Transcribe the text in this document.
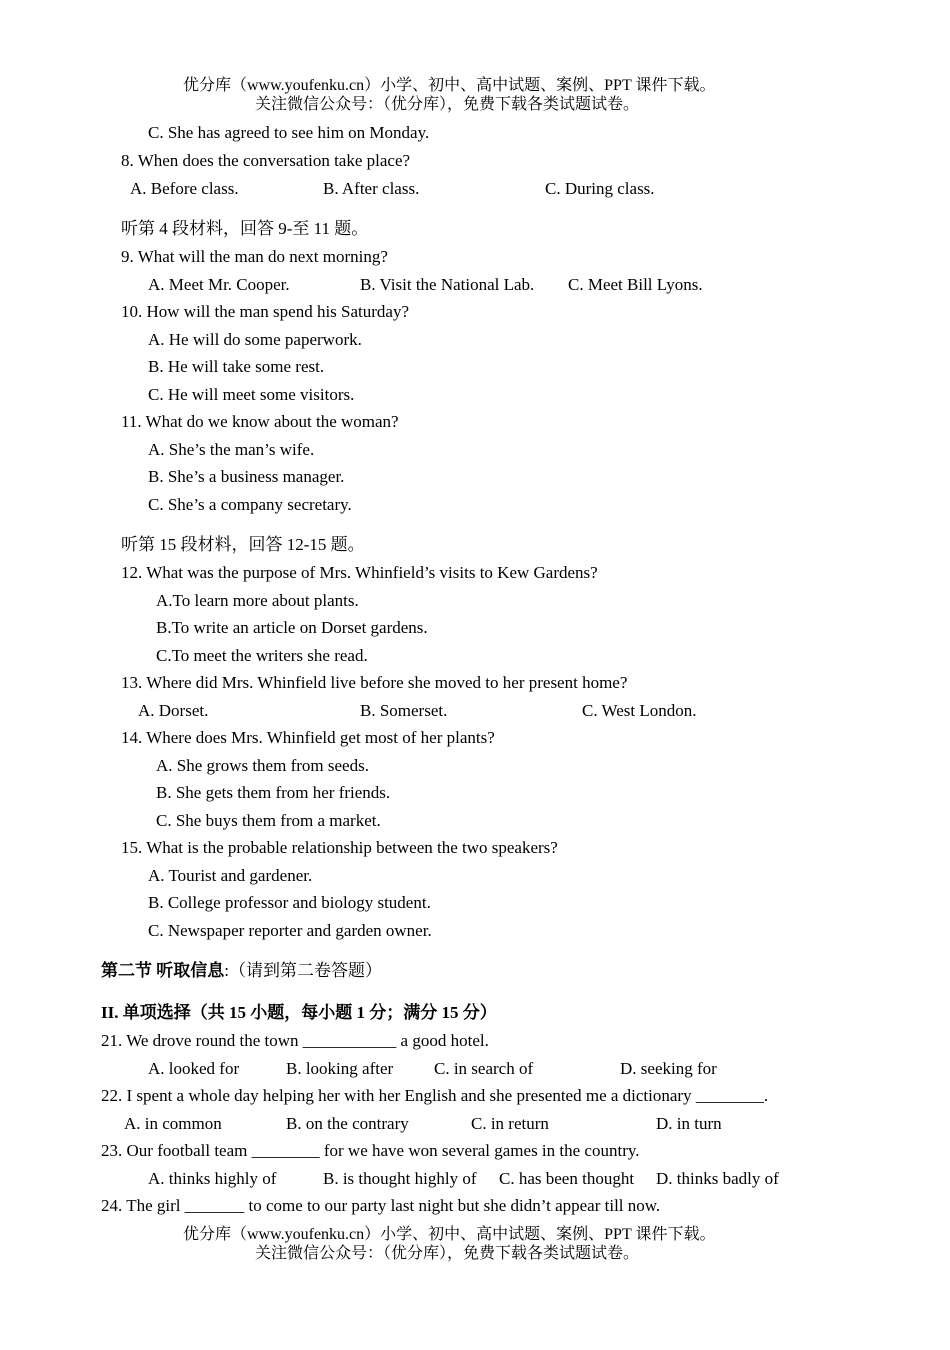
优分库（www.youfenku.cn）小学、初中、高中试题、案例、PPT 课件下载。
关注微信公众号：（优分库），免费下载各类试题试卷。
C. She has agreed to see him on Monday.
8. When does the conversation take place?
A. Before class.	B. After class.	C. During class.
听第 4 段材料，回答 9-至 11 题。
9. What will the man do next morning?
A. Meet Mr. Cooper.	B. Visit the National Lab. C. Meet Bill Lyons.
10. How will the man spend his Saturday?
A. He will do some paperwork.
B. He will take some rest.
C. He will meet some visitors.
11. What do we know about the woman?
A. She’s the man’s wife.
B. She’s a business manager.
C. She’s a company secretary.
听第 15 段材料，回答 12-15 题。
12. What was the purpose of Mrs. Whinfield’s visits to Kew Gardens?
A.To learn more about plants.
B.To write an article on Dorset gardens.
C.To meet the writers she read.
13. Where did Mrs. Whinfield live before she moved to her present home?
A. Dorset.	B. Somerset.	C. West London.
14. Where does Mrs. Whinfield get most of her plants?
A. She grows them from seeds.
B. She gets them from her friends.
C. She buys them from a market.
15. What is the probable relationship between the two speakers?
A. Tourist and gardener.
B. College professor and biology student.
C. Newspaper reporter and garden owner.
第二节 听取信息:（请到第二卷答题）
II. 单项选择（共 15 小题，每小题 1 分；满分 15 分）
21. We drove round the town ___________ a good hotel.
A. looked for	B. looking after C. in search of	D. seeking for
22. I spent a whole day helping her with her English and she presented me a dictionary ________.
A. in common	B. on the contrary	C. in return	D. in turn
23. Our football team ________ for we have won several games in the country.
A. thinks highly of	B. is thought highly of C. has been thought D. thinks badly of
24. The girl _______ to come to our party last night but she didn’t appear till now.
优分库（www.youfenku.cn）小学、初中、高中试题、案例、PPT 课件下载。
关注微信公众号：（优分库），免费下载各类试题试卷。
